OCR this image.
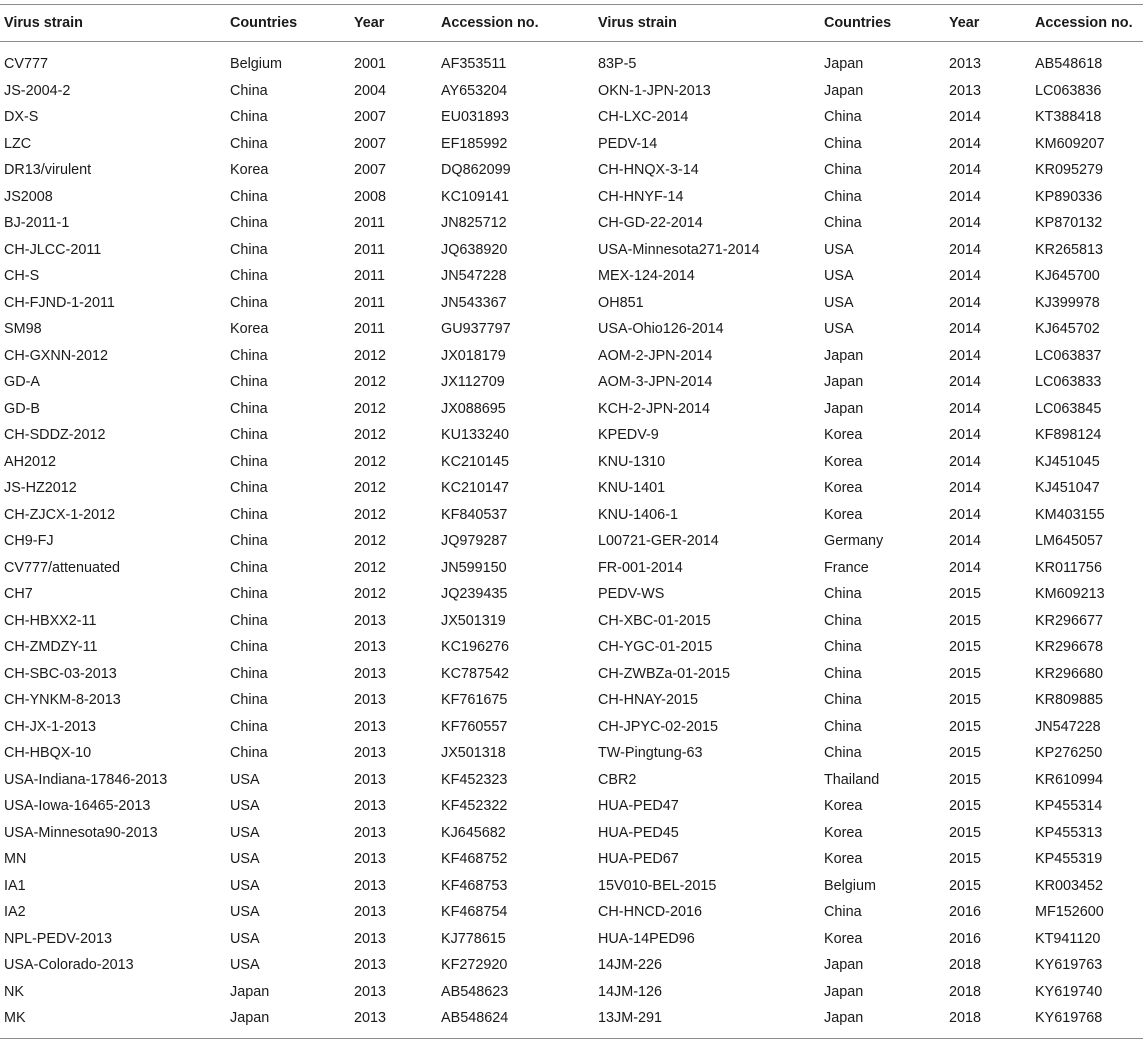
Virus strain	Countries	Year	Accession no.	Virus strain	Countries	Year	Accession no.
CV777	Belgium	2001	AF353511	83P-5	Japan	2013	AB548618
JS-2004-2	China	2004	AY653204	OKN-1-JPN-2013	Japan	2013	LC063836
DX-S	China	2007	EU031893	CH-LXC-2014	China	2014	KT388418
LZC	China	2007	EF185992	PEDV-14	China	2014	KM609207
DR13/virulent	Korea	2007	DQ862099	CH-HNQX-3-14	China	2014	KR095279
JS2008	China	2008	KC109141	CH-HNYF-14	China	2014	KP890336
BJ-2011-1	China	2011	JN825712	CH-GD-22-2014	China	2014	KP870132
CH-JLCC-2011	China	2011	JQ638920	USA-Minnesota271-2014	USA	2014	KR265813
CH-S	China	2011	JN547228	MEX-124-2014	USA	2014	KJ645700
CH-FJND-1-2011	China	2011	JN543367	OH851	USA	2014	KJ399978
SM98	Korea	2011	GU937797	USA-Ohio126-2014	USA	2014	KJ645702
CH-GXNN-2012	China	2012	JX018179	AOM-2-JPN-2014	Japan	2014	LC063837
GD-A	China	2012	JX112709	AOM-3-JPN-2014	Japan	2014	LC063833
GD-B	China	2012	JX088695	KCH-2-JPN-2014	Japan	2014	LC063845
CH-SDDZ-2012	China	2012	KU133240	KPEDV-9	Korea	2014	KF898124
AH2012	China	2012	KC210145	KNU-1310	Korea	2014	KJ451045
JS-HZ2012	China	2012	KC210147	KNU-1401	Korea	2014	KJ451047
CH-ZJCX-1-2012	China	2012	KF840537	KNU-1406-1	Korea	2014	KM403155
CH9-FJ	China	2012	JQ979287	L00721-GER-2014	Germany	2014	LM645057
CV777/attenuated	China	2012	JN599150	FR-001-2014	France	2014	KR011756
CH7	China	2012	JQ239435	PEDV-WS	China	2015	KM609213
CH-HBXX2-11	China	2013	JX501319	CH-XBC-01-2015	China	2015	KR296677
CH-ZMDZY-11	China	2013	KC196276	CH-YGC-01-2015	China	2015	KR296678
CH-SBC-03-2013	China	2013	KC787542	CH-ZWBZa-01-2015	China	2015	KR296680
CH-YNKM-8-2013	China	2013	KF761675	CH-HNAY-2015	China	2015	KR809885
CH-JX-1-2013	China	2013	KF760557	CH-JPYC-02-2015	China	2015	JN547228
CH-HBQX-10	China	2013	JX501318	TW-Pingtung-63	China	2015	KP276250
USA-Indiana-17846-2013	USA	2013	KF452323	CBR2	Thailand	2015	KR610994
USA-Iowa-16465-2013	USA	2013	KF452322	HUA-PED47	Korea	2015	KP455314
USA-Minnesota90-2013	USA	2013	KJ645682	HUA-PED45	Korea	2015	KP455313
MN	USA	2013	KF468752	HUA-PED67	Korea	2015	KP455319
IA1	USA	2013	KF468753	15V010-BEL-2015	Belgium	2015	KR003452
IA2	USA	2013	KF468754	CH-HNCD-2016	China	2016	MF152600
NPL-PEDV-2013	USA	2013	KJ778615	HUA-14PED96	Korea	2016	KT941120
USA-Colorado-2013	USA	2013	KF272920	14JM-226	Japan	2018	KY619763
NK	Japan	2013	AB548623	14JM-126	Japan	2018	KY619740
MK	Japan	2013	AB548624	13JM-291	Japan	2018	KY619768
